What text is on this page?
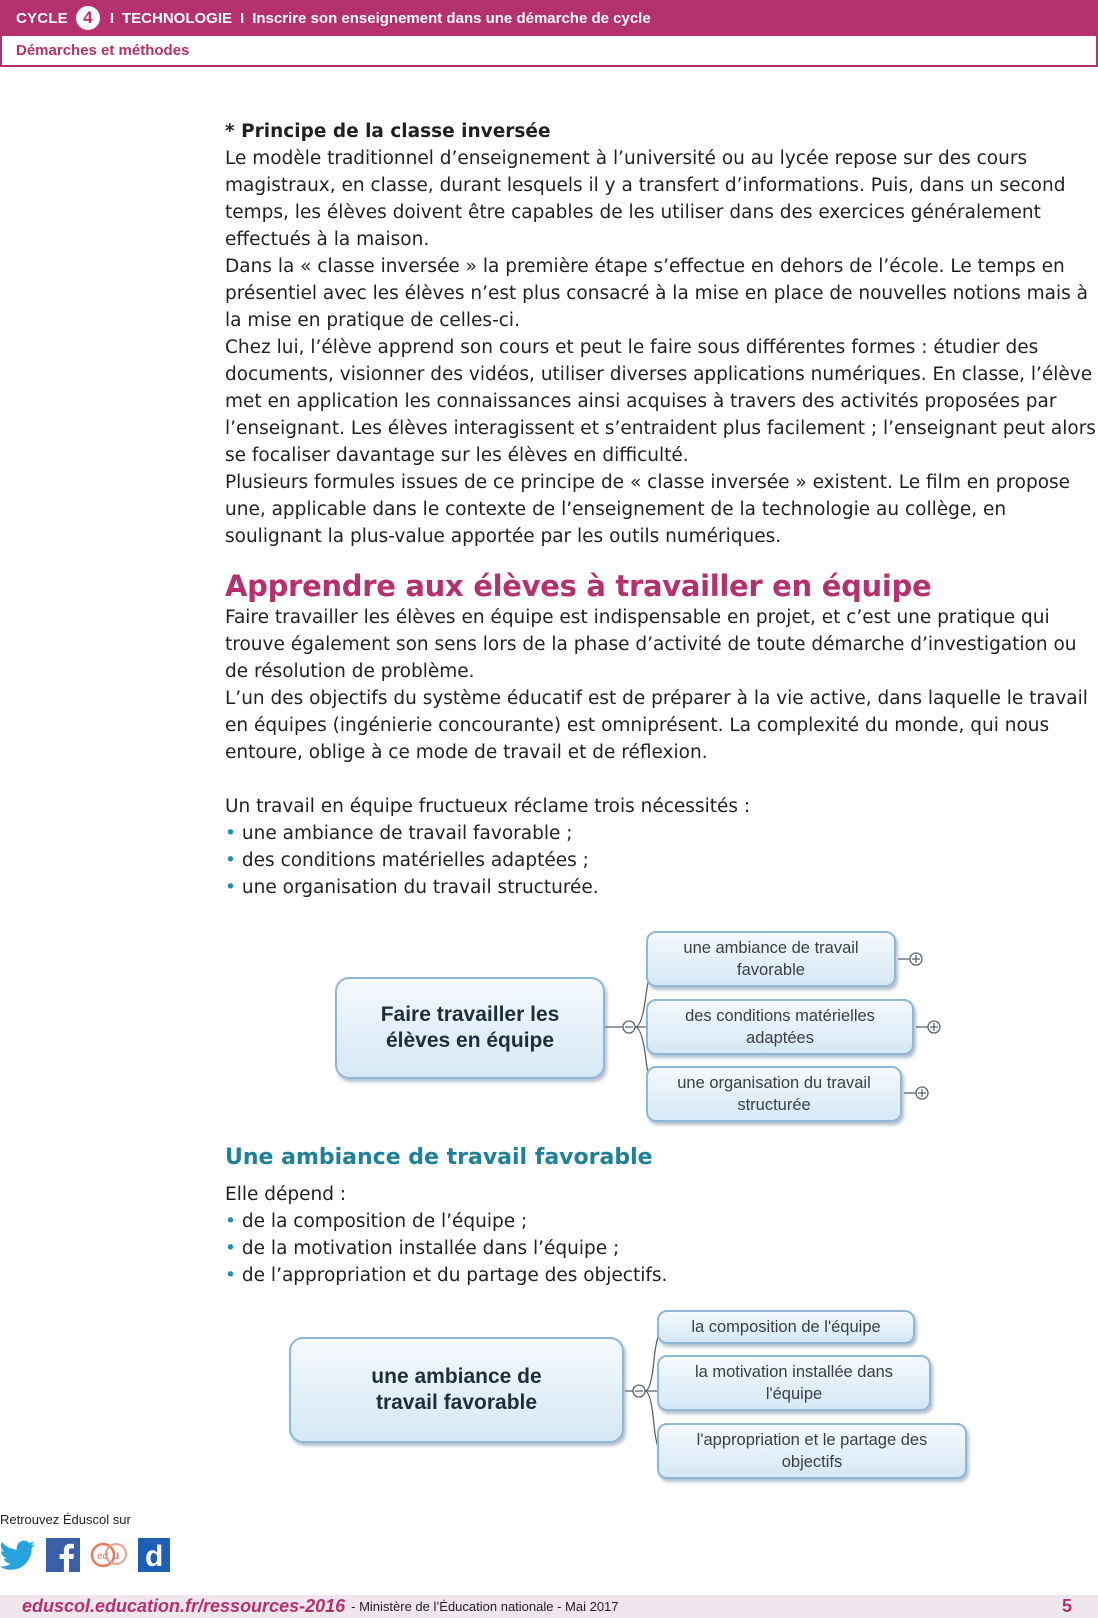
CYCLE 4	I TECHNOLOGIE I Inscrire son enseignement dans une démarche de cycle
Démarches et méthodes

* Principe de la classe inversée

Le modèle traditionnel d’enseignement à l’université ou au lycée repose sur des cours magistraux, en classe, durant lesquels il y a transfert d’informations. Puis, dans un second temps, les élèves doivent être capables de les utiliser dans des exercices généralement effectués à la maison.

Dans la « classe inversée » la première étape s’effectue en dehors de l’école. Le temps en présentiel avec les élèves n’est plus consacré à la mise en place de nouvelles notions mais à la mise en pratique de celles-ci.

Chez lui, l’élève apprend son cours et peut le faire sous différentes formes : étudier des documents, visionner des vidéos, utiliser diverses applications numériques. En classe, l’élève met en application les connaissances ainsi acquises à travers des activités proposées par l’enseignant. Les élèves interagissent et s’entraident plus facilement ; l’enseignant peut alors se focaliser davantage sur les élèves en difficulté.

Plusieurs formules issues de ce principe de « classe inversée » existent. Le film en propose une, applicable dans le contexte de l’enseignement de la technologie au collège, en soulignant la plus-value apportée par les outils numériques.

Apprendre aux élèves à travailler en équipe

Faire travailler les élèves en équipe est indispensable en projet, et c’est une pratique qui trouve également son sens lors de la phase d’activité de toute démarche d’investigation ou de résolution de problème.

L’un des objectifs du système éducatif est de préparer à la vie active, dans laquelle le travail en équipes (ingénierie concourante) est omniprésent. La complexité du monde, qui nous entoure, oblige à ce mode de travail et de réflexion.

Un travail en équipe fructueux réclame trois nécessités :

• une ambiance de travail favorable ;
• des conditions matérielles adaptées ;
• une organisation du travail structurée.
Faire travailler les élèves en équipe
une ambiance de travail favorable
des conditions matérielles adaptées
une organisation du travail structurée
Une ambiance de travail favorable

Elle dépend :

• de la composition de l’équipe ;
• de la motivation installée dans l’équipe ;
• de l’appropriation et du partage des objectifs.
une ambiance de travail favorable
la composition de l'équipe
la motivation installée dans l'équipe
l'appropriation et le partage des objectifs
Retrouvez Éduscol sur
ed u d
eduscol.education.fr/ressources-2016 - Ministère de l’Éducation nationale - Mai 2017	5
